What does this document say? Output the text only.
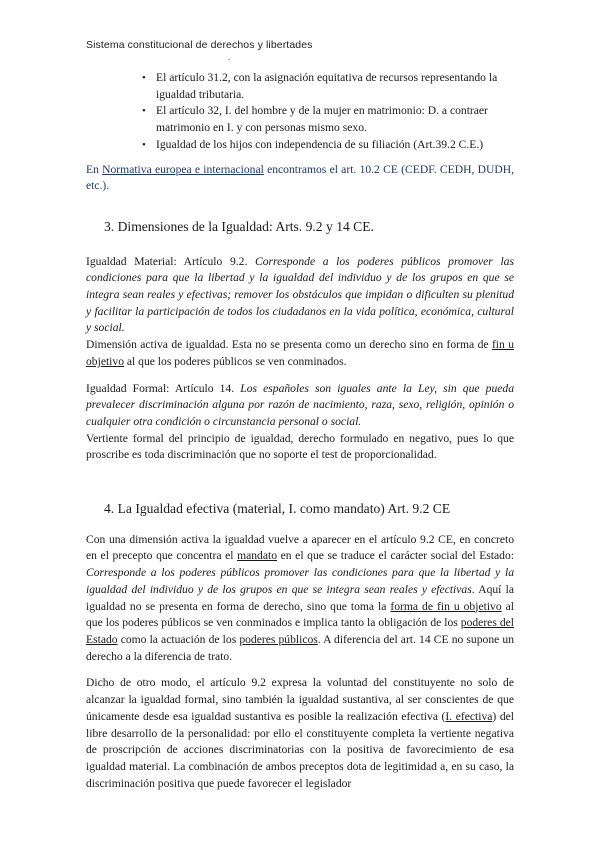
Sistema constitucional de derechos y libertades
.
• El artículo 31.2, con la asignación equitativa de recursos representando la igualdad tributaria.
• El artículo 32, I. del hombre y de la mujer en matrimonio: D. a contraer matrimonio en I. y con personas mismo sexo.
• Igualdad de los hijos con independencia de su filiación (Art.39.2 C.E.)

En Normativa europea e internacional encontramos el art. 10.2 CE (CEDF. CEDH, DUDH, etc.).

3. Dimensiones de la Igualdad: Arts. 9.2 y 14 CE.

Igualdad Material: Artículo 9.2. Corresponde a los poderes públicos promover las condiciones para que la libertad y la igualdad del individuo y de los grupos en que se integra sean reales y efectivas; remover los obstáculos que impidan o dificulten su plenitud y facilitar la participación de todos los ciudadanos en la vida política, económica, cultural y social.

Dimensión activa de igualdad. Esta no se presenta como un derecho sino en forma de fin u objetivo al que los poderes públicos se ven conminados.

Igualdad Formal: Artículo 14. Los españoles son iguales ante la Ley, sin que pueda prevalecer discriminación alguna por razón de nacimiento, raza, sexo, religión, opinión o cualquier otra condición o circunstancia personal o social.

Vertiente formal del principio de igualdad, derecho formulado en negativo, pues lo que proscribe es toda discriminación que no soporte el test de proporcionalidad.

4. La Igualdad efectiva (material, I. como mandato) Art. 9.2 CE

Con una dimensión activa la igualdad vuelve a aparecer en el artículo 9.2 CE, en concreto en el precepto que concentra el mandato en el que se traduce el carácter social del Estado: Corresponde a los poderes públicos promover las condiciones para que la libertad y la igualdad del individuo y de los grupos en que se integra sean reales y efectivas. Aquí la igualdad no se presenta en forma de derecho, sino que toma la forma de fin u objetivo al que los poderes públicos se ven conminados e implica tanto la obligación de los poderes del Estado como la actuación de los poderes públicos. A diferencia del art. 14 CE no supone un derecho a la diferencia de trato.

Dicho de otro modo, el artículo 9.2 expresa la voluntad del constituyente no solo de alcanzar la igualdad formal, sino también la igualdad sustantiva, al ser conscientes de que únicamente desde esa igualdad sustantiva es posible la realización efectiva (I. efectiva) del libre desarrollo de la personalidad: por ello el constituyente completa la vertiente negativa de proscripción de acciones discriminatorias con la positiva de favorecimiento de esa igualdad material. La combinación de ambos preceptos dota de legitimidad a, en su caso, la discriminación positiva que puede favorecer el legislador
